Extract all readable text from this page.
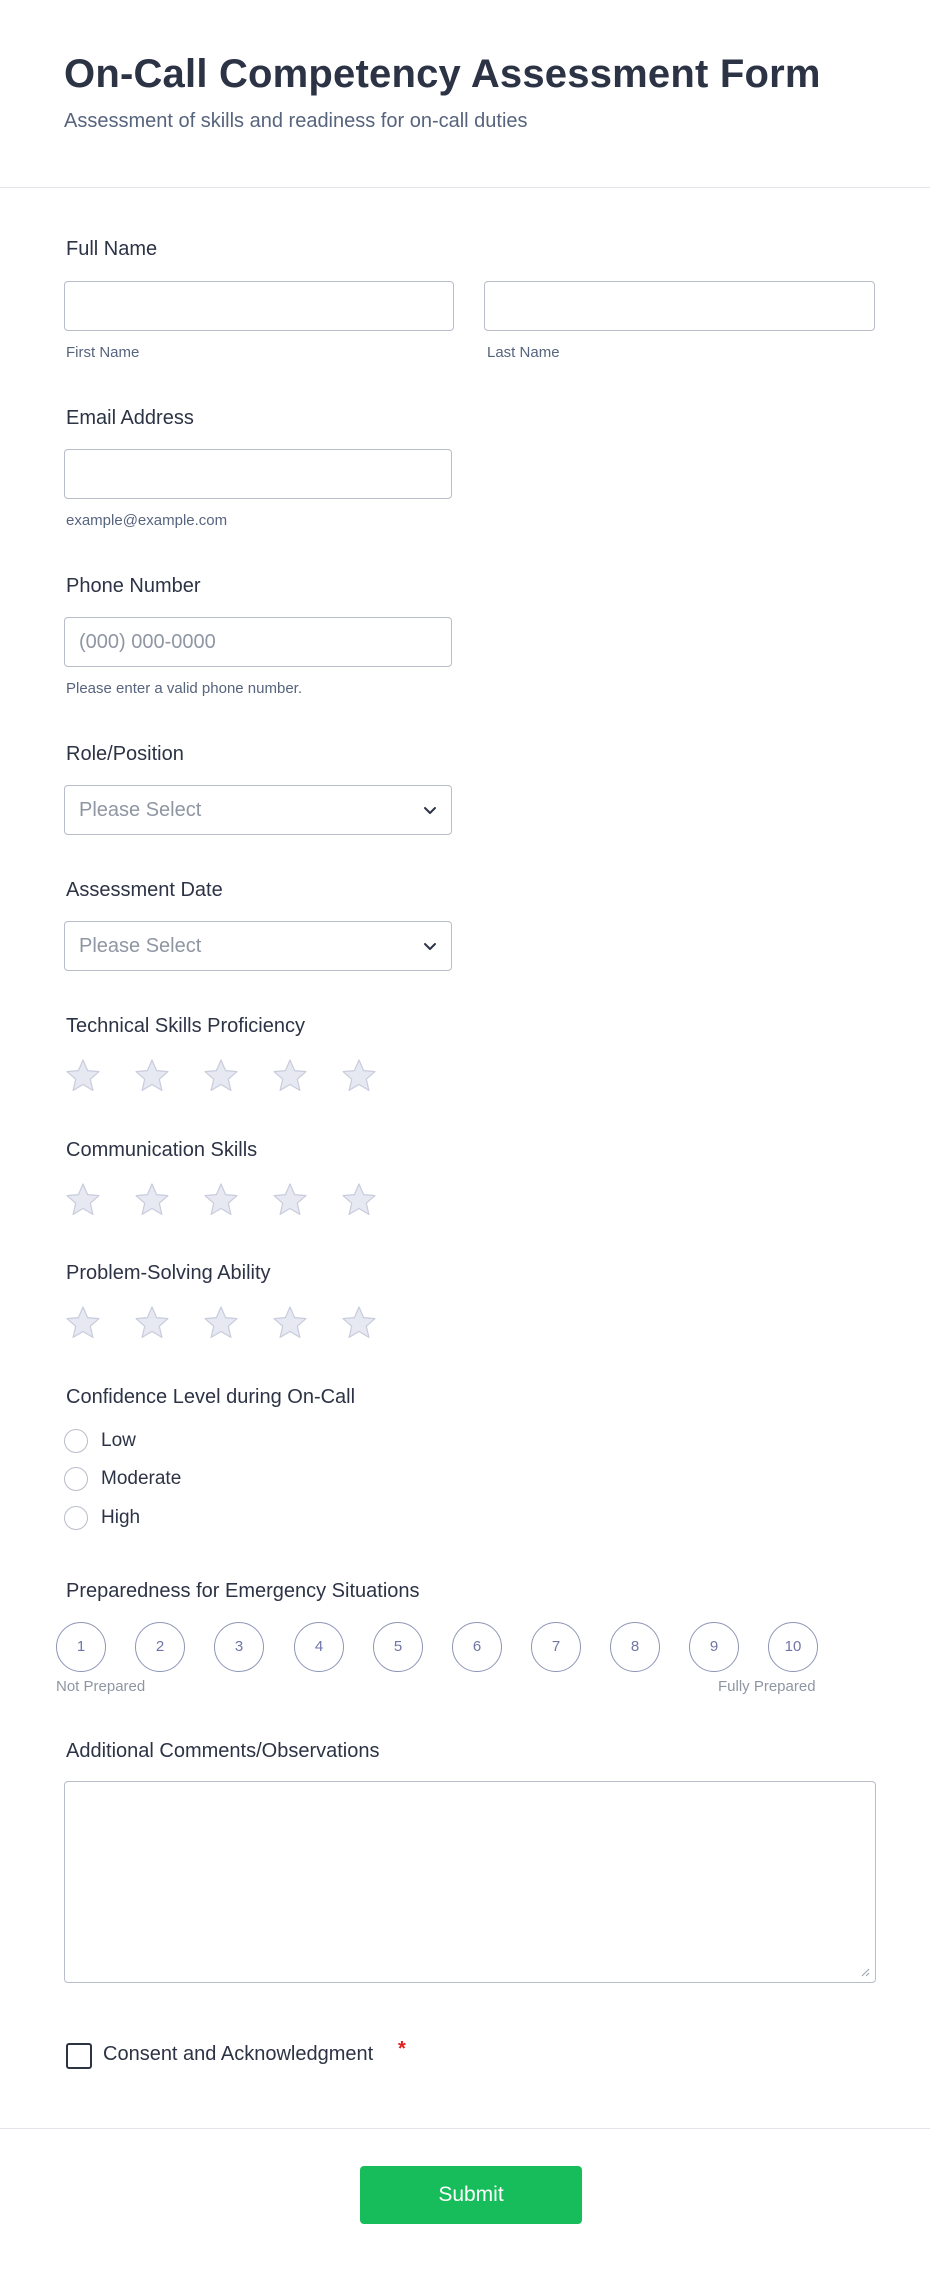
On-Call Competency Assessment Form
Assessment of skills and readiness for on-call duties
Full Name
First Name	Last Name
Email Address
example@example.com
Phone Number
(000) 000-0000
Please enter a valid phone number.
Role/Position
Please Select
Assessment Date
Please Select
Technical Skills Proficiency
Communication Skills
Problem-Solving Ability
Confidence Level during On-Call
Low
Moderate
High
Preparedness for Emergency Situations
1	2	3	4	5	6	7	8	9	10
Not Prepared	Fully Prepared
Additional Comments/Observations
Consent and Acknowledgment *
Submit
